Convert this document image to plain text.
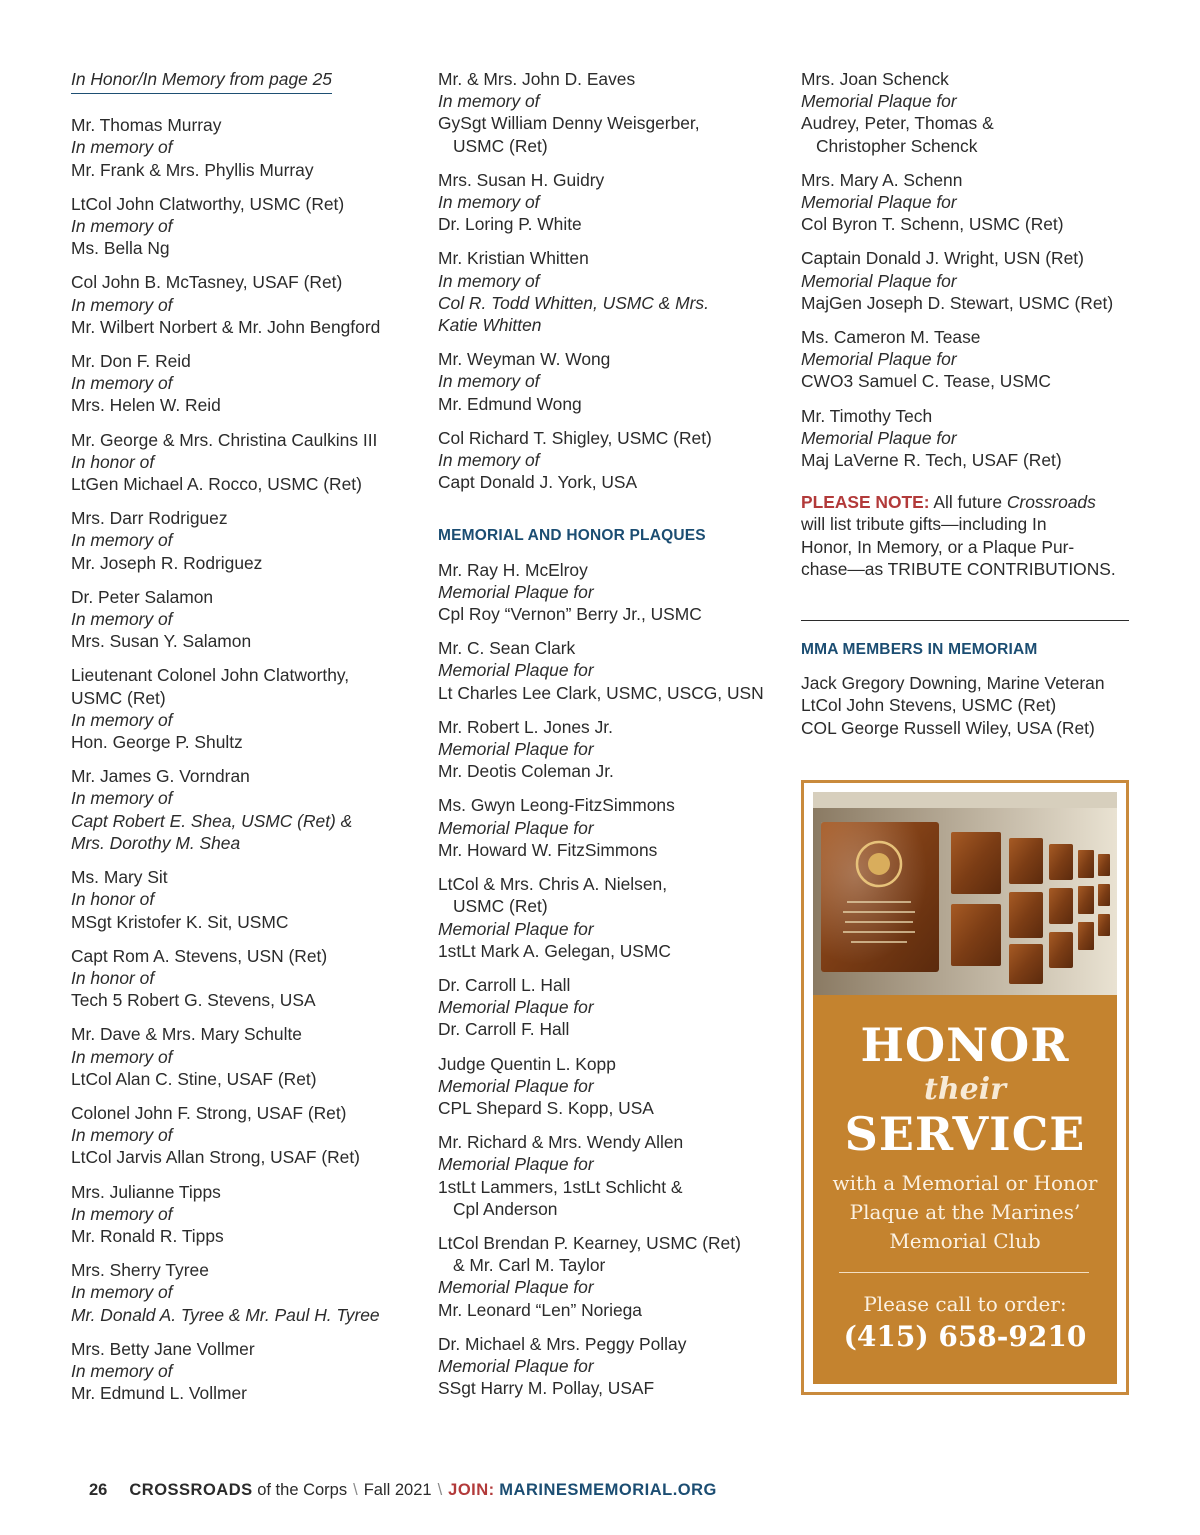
In Honor/In Memory from page 25
Mr. Thomas Murray
In memory of
Mr. Frank & Mrs. Phyllis Murray
LtCol John Clatworthy, USMC (Ret)
In memory of
Ms. Bella Ng
Col John B. McTasney, USAF (Ret)
In memory of
Mr. Wilbert Norbert & Mr. John Bengford
Mr. Don F. Reid
In memory of
Mrs. Helen W. Reid
Mr. George & Mrs. Christina Caulkins III
In honor of
LtGen Michael A. Rocco, USMC (Ret)
Mrs. Darr Rodriguez
In memory of
Mr. Joseph R. Rodriguez
Dr. Peter Salamon
In memory of
Mrs. Susan Y. Salamon
Lieutenant Colonel John Clatworthy,
USMC (Ret)
In memory of
Hon. George P. Shultz
Mr. James G. Vorndran
In memory of
Capt Robert E. Shea, USMC (Ret) &
Mrs. Dorothy M. Shea
Ms. Mary Sit
In honor of
MSgt Kristofer K. Sit, USMC
Capt Rom A. Stevens, USN (Ret)
In honor of
Tech 5 Robert G. Stevens, USA
Mr. Dave & Mrs. Mary Schulte
In memory of
LtCol Alan C. Stine, USAF (Ret)
Colonel John F. Strong, USAF (Ret)
In memory of
LtCol Jarvis Allan Strong, USAF (Ret)
Mrs. Julianne Tipps
In memory of
Mr. Ronald R. Tipps
Mrs. Sherry Tyree
In memory of
Mr. Donald A. Tyree & Mr. Paul H. Tyree
Mrs. Betty Jane Vollmer
In memory of
Mr. Edmund L. Vollmer
Mr. & Mrs. John D. Eaves
In memory of
GySgt William Denny Weisgerber,
USMC (Ret)
Mrs. Susan H. Guidry
In memory of
Dr. Loring P. White
Mr. Kristian Whitten
In memory of
Col R. Todd Whitten, USMC & Mrs.
Katie Whitten
Mr. Weyman W. Wong
In memory of
Mr. Edmund Wong
Col Richard T. Shigley, USMC (Ret)
In memory of
Capt Donald J. York, USA
MEMORIAL AND HONOR PLAQUES
Mr. Ray H. McElroy
Memorial Plaque for
Cpl Roy “Vernon” Berry Jr., USMC
Mr. C. Sean Clark
Memorial Plaque for
Lt Charles Lee Clark, USMC, USCG, USN
Mr. Robert L. Jones Jr.
Memorial Plaque for
Mr. Deotis Coleman Jr.
Ms. Gwyn Leong-FitzSimmons
Memorial Plaque for
Mr. Howard W. FitzSimmons
LtCol & Mrs. Chris A. Nielsen,
USMC (Ret)
Memorial Plaque for
1stLt Mark A. Gelegan, USMC
Dr. Carroll L. Hall
Memorial Plaque for
Dr. Carroll F. Hall
Judge Quentin L. Kopp
Memorial Plaque for
CPL Shepard S. Kopp, USA
Mr. Richard & Mrs. Wendy Allen
Memorial Plaque for
1stLt Lammers, 1stLt Schlicht &
Cpl Anderson
LtCol Brendan P. Kearney, USMC (Ret)
& Mr. Carl M. Taylor
Memorial Plaque for
Mr. Leonard “Len” Noriega
Dr. Michael & Mrs. Peggy Pollay
Memorial Plaque for
SSgt Harry M. Pollay, USAF
Mrs. Joan Schenck
Memorial Plaque for
Audrey, Peter, Thomas &
Christopher Schenck
Mrs. Mary A. Schenn
Memorial Plaque for
Col Byron T. Schenn, USMC (Ret)
Captain Donald J. Wright, USN (Ret)
Memorial Plaque for
MajGen Joseph D. Stewart, USMC (Ret)
Ms. Cameron M. Tease
Memorial Plaque for
CWO3 Samuel C. Tease, USMC
Mr. Timothy Tech
Memorial Plaque for
Maj LaVerne R. Tech, USAF (Ret)
PLEASE NOTE: All future Crossroads
will list tribute gifts—including In
Honor, In Memory, or a Plaque Pur-
chase—as TRIBUTE CONTRIBUTIONS.
MMA MEMBERS IN MEMORIAM
Jack Gregory Downing, Marine Veteran
LtCol John Stevens, USMC (Ret)
COL George Russell Wiley, USA (Ret)
HONOR
their
SERVICE
with a Memorial or Honor Plaque at the Marines’ Memorial Club
Please call to order:
(415) 658-9210
26 CROSSROADS of the Corps \ Fall 2021 \ JOIN: MARINESMEMORIAL.ORG
